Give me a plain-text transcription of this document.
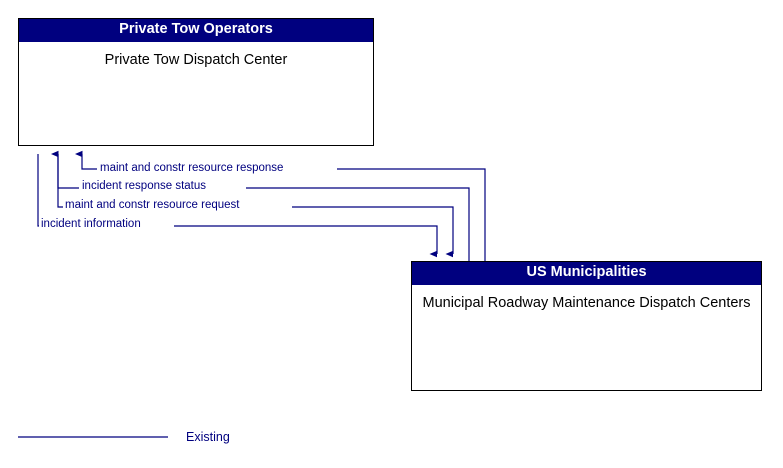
Private Tow Operators
Private Tow Dispatch Center
US Municipalities
Municipal Roadway Maintenance Dispatch Centers
maint and constr resource response
incident response status
maint and constr resource request
incident information
Existing
